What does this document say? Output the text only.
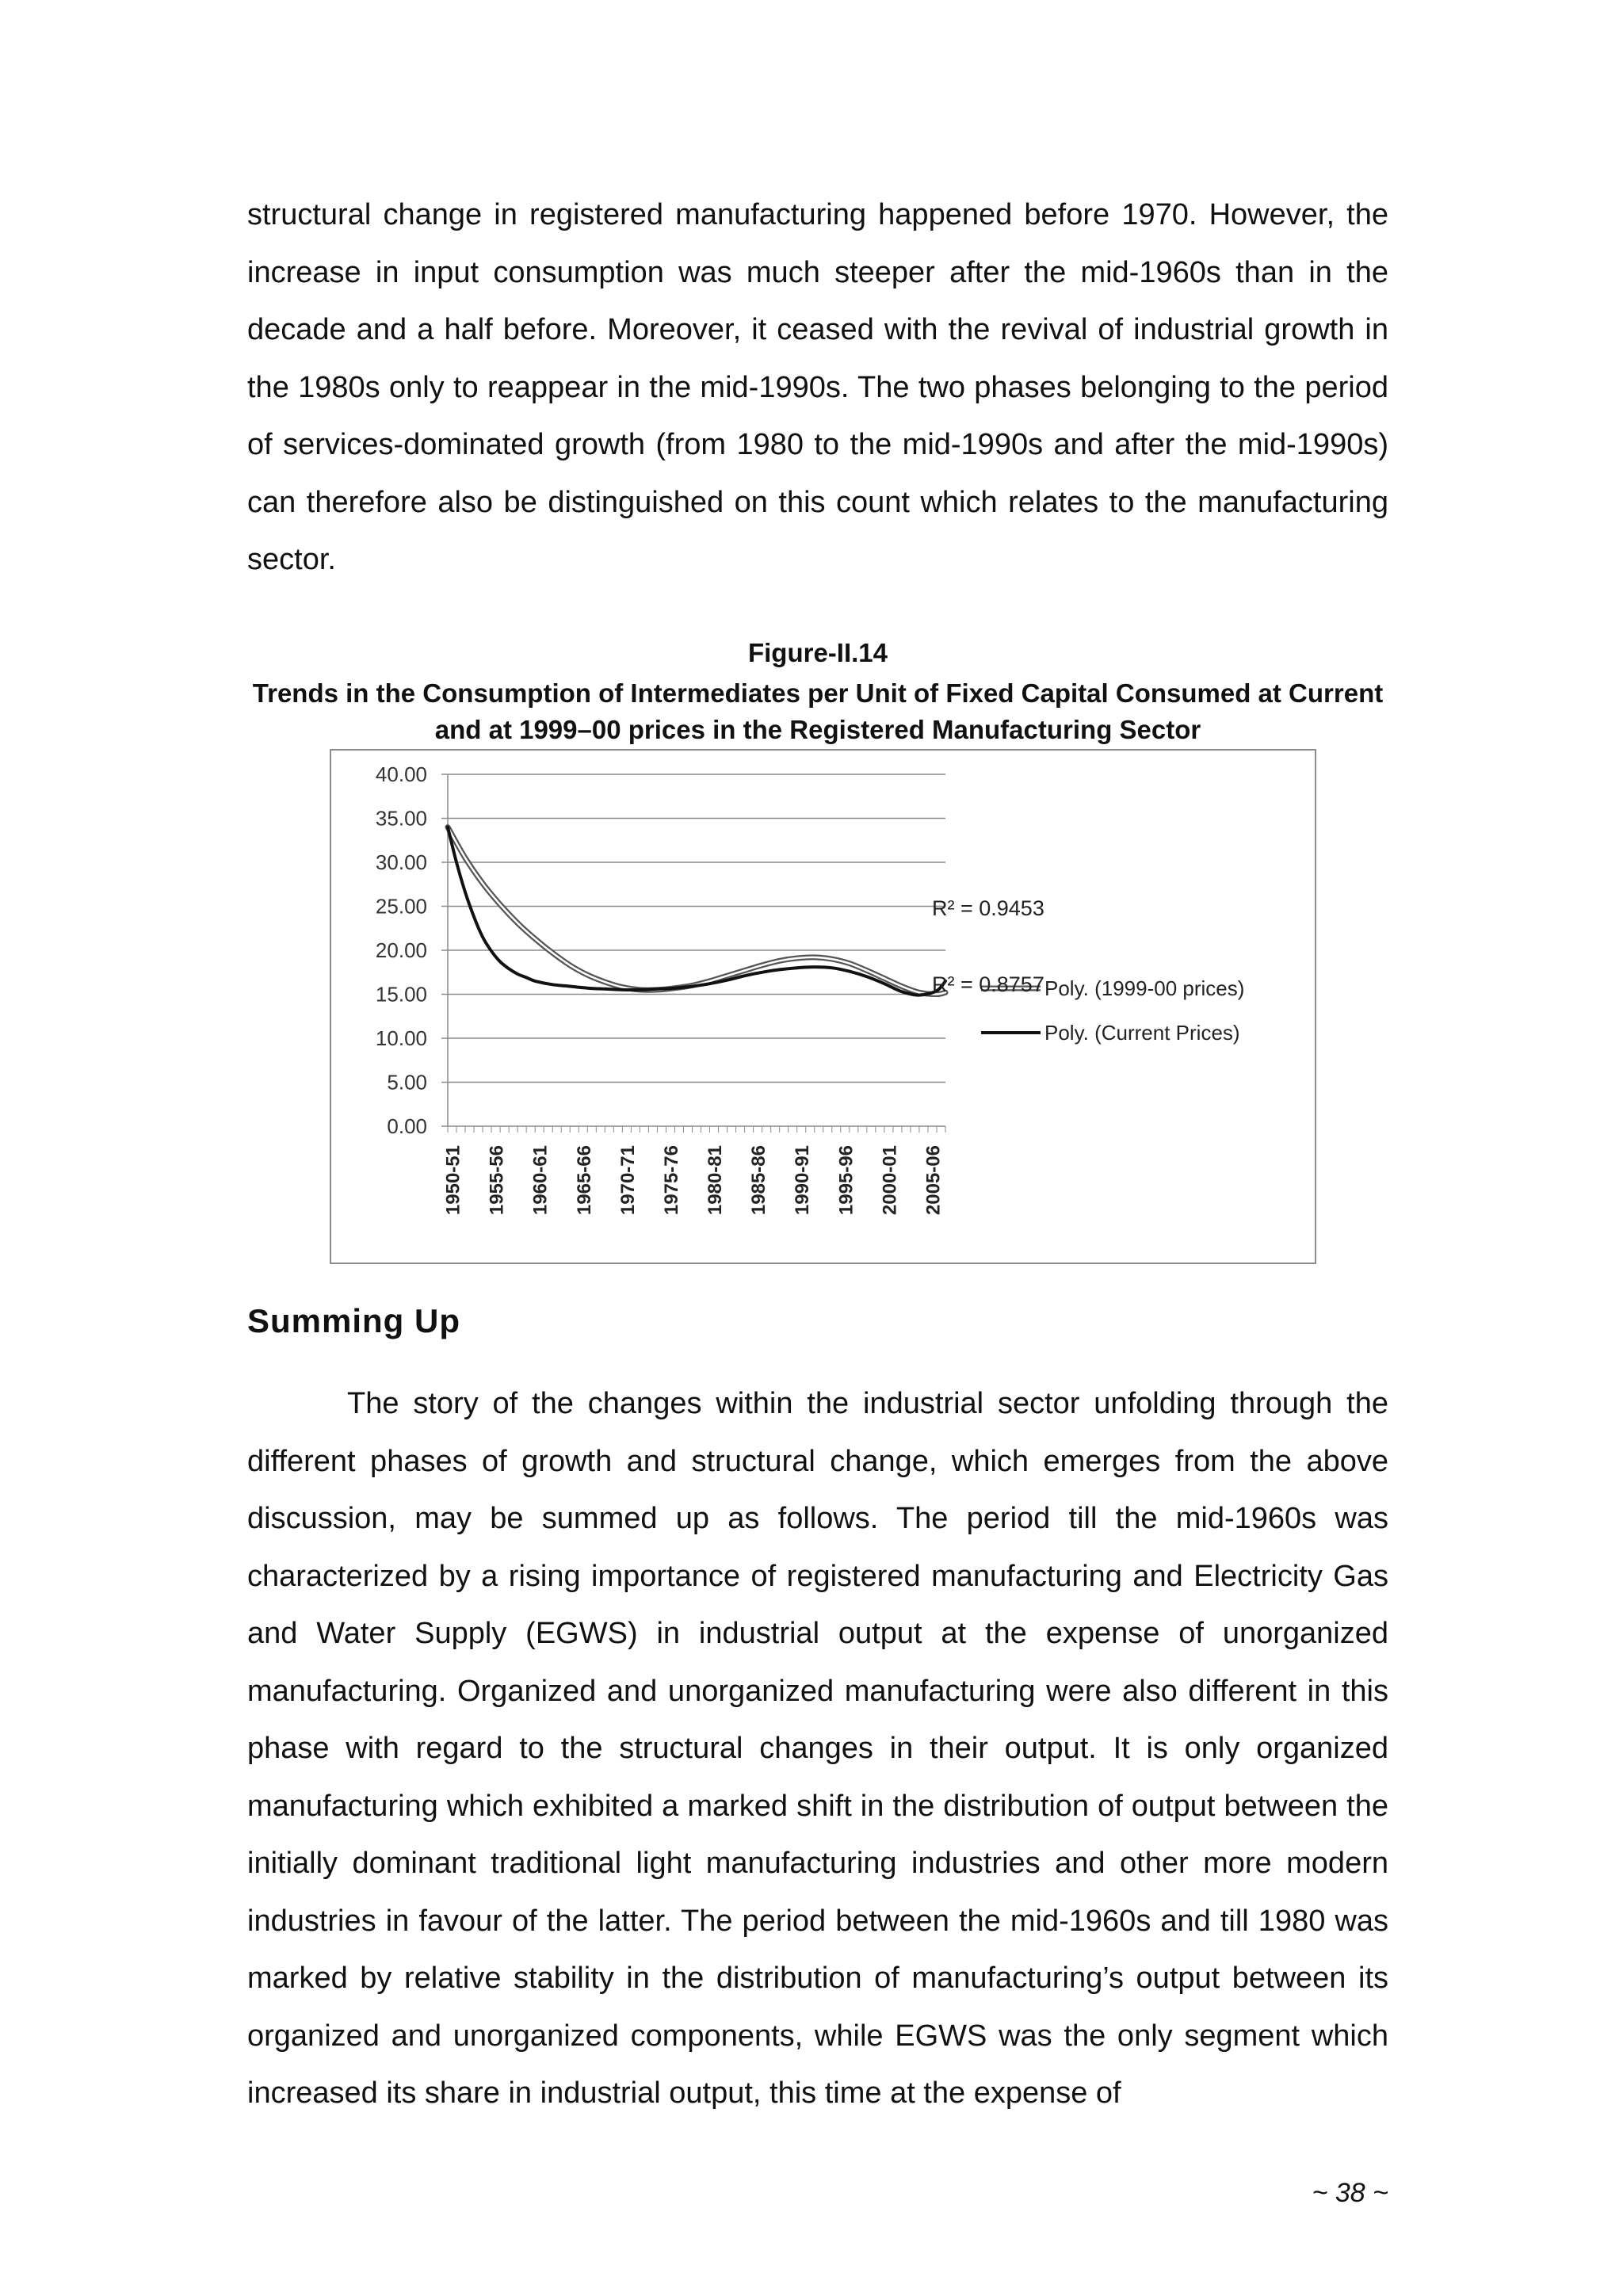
structural change in registered manufacturing happened before 1970. However, the increase in input consumption was much steeper after the mid-1960s than in the decade and a half before. Moreover, it ceased with the revival of industrial growth in the 1980s only to reappear in the mid-1990s. The two phases belonging to the period of services-dominated growth (from 1980 to the mid-1990s and after the mid-1990s) can therefore also be distinguished on this count which relates to the manufacturing sector.

Figure-II.14

Trends in the Consumption of Intermediates per Unit of Fixed Capital Consumed at Current and at 1999–00 prices in the Registered Manufacturing Sector

0.00
5.00
10.00
15.00
20.00
25.00
30.00
35.00
40.00
1950-51 1955-56 1960-61 1965-66 1970-71 1975-76 1980-81 1985-86 1990-91 1995-96 2000-01 2005-06
Poly. (1999-00 prices)
R² = 0.9453
Poly. (Current Prices)
R² = 0.8757
Summing Up

The story of the changes within the industrial sector unfolding through the different phases of growth and structural change, which emerges from the above discussion, may be summed up as follows. The period till the mid-1960s was characterized by a rising importance of registered manufacturing and Electricity Gas and Water Supply (EGWS) in industrial output at the expense of unorganized manufacturing. Organized and unorganized manufacturing were also different in this phase with regard to the structural changes in their output. It is only organized manufacturing which exhibited a marked shift in the distribution of output between the initially dominant traditional light manufacturing industries and other more modern industries in favour of the latter. The period between the mid-1960s and till 1980 was marked by relative stability in the distribution of manufacturing’s output between its organized and unorganized components, while EGWS was the only segment which increased its share in industrial output, this time at the expense of

~ 38 ~
